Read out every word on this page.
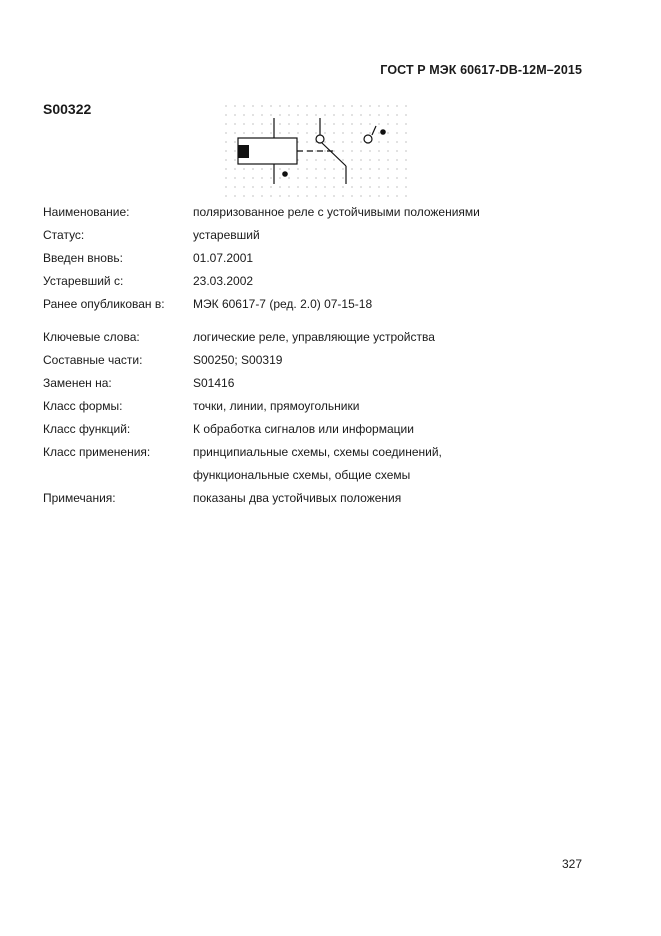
ГОСТ Р МЭК 60617-DB-12M–2015
S00322
Наименование:	поляризованное реле с устойчивыми положениями
Статус:	устаревший
Введен вновь:	01.07.2001
Устаревший с:	23.03.2002
Ранее опубликован в:	МЭК 60617-7 (ред. 2.0) 07-15-18
Ключевые слова:	логические реле, управляющие устройства
Составные части:	S00250; S00319
Заменен на:	S01416
Класс формы:	точки, линии, прямоугольники
Класс функций:	К обработка сигналов или информации
Класс применения:	принципиальные схемы, схемы соединений,
функциональные схемы, общие схемы
Примечания:	показаны два устойчивых положения
327
